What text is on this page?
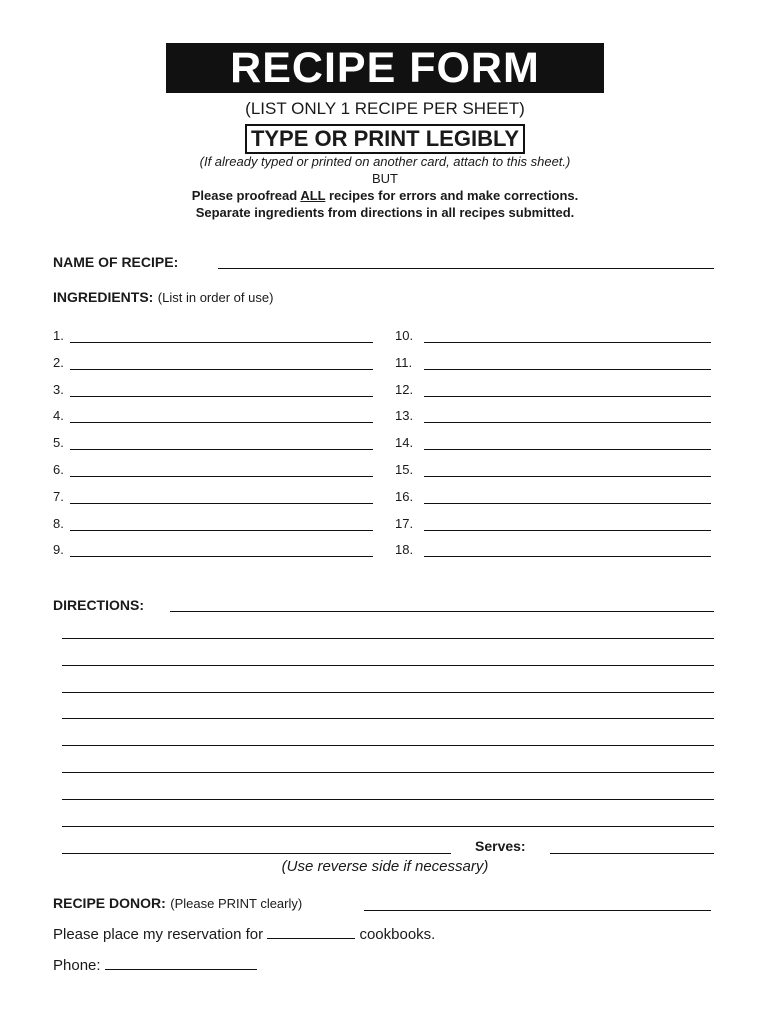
RECIPE FORM
(LIST ONLY 1 RECIPE PER SHEET)
TYPE OR PRINT LEGIBLY
(If already typed or printed on another card, attach to this sheet.)
BUT
Please proofread ALL recipes for errors and make corrections.
Separate ingredients from directions in all recipes submitted.
NAME OF RECIPE:
INGREDIENTS: (List in order of use)
1.
2.
3.
4.
5.
6.
7.
8.
9.
10.
11.
12.
13.
14.
15.
16.
17.
18.
DIRECTIONS:
Serves:
(Use reverse side if necessary)
RECIPE DONOR: (Please PRINT clearly)
Please place my reservation for	cookbooks.
Phone:
